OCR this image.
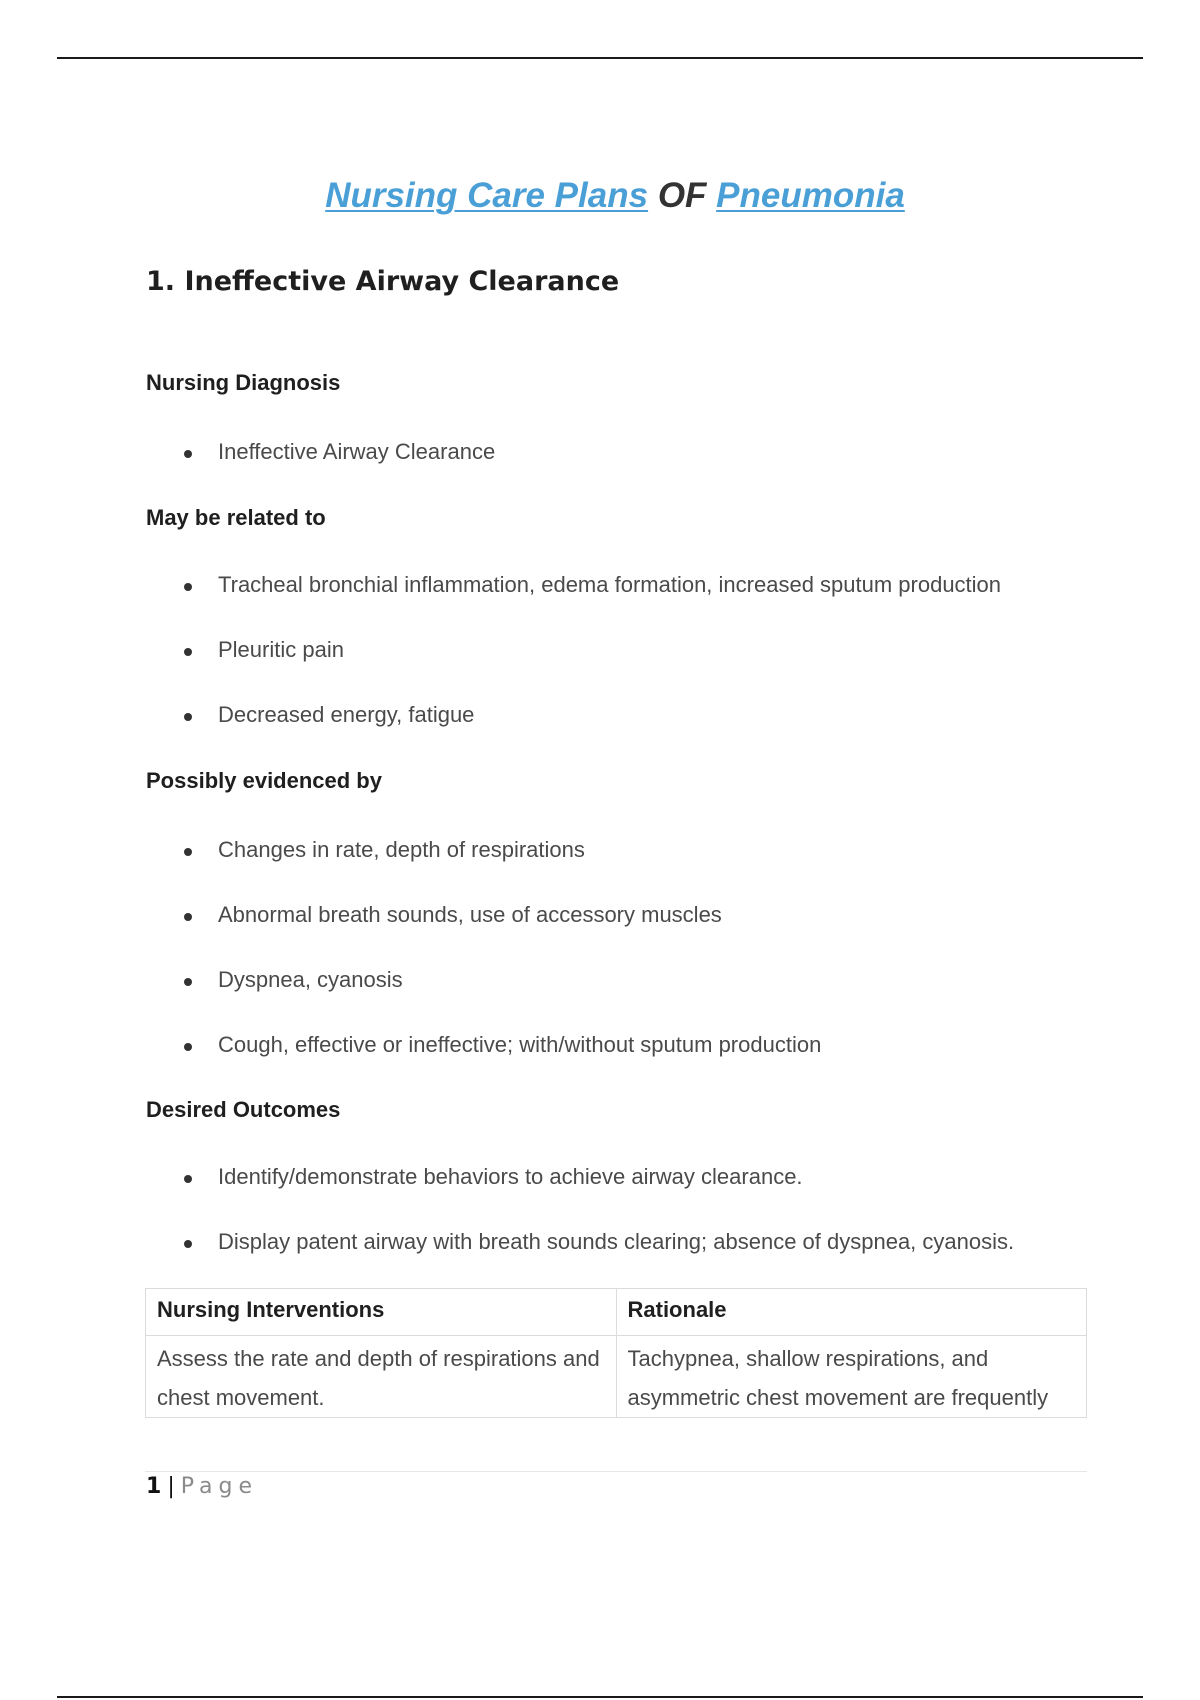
Nursing Care Plans OF Pneumonia
1. Ineffective Airway Clearance
Nursing Diagnosis
Ineffective Airway Clearance
May be related to
Tracheal bronchial inflammation, edema formation, increased sputum production
Pleuritic pain
Decreased energy, fatigue
Possibly evidenced by
Changes in rate, depth of respirations
Abnormal breath sounds, use of accessory muscles
Dyspnea, cyanosis
Cough, effective or ineffective; with/without sputum production
Desired Outcomes
Identify/demonstrate behaviors to achieve airway clearance.
Display patent airway with breath sounds clearing; absence of dyspnea, cyanosis.
Nursing Interventions	Rationale
Assess the rate and depth of respirations and chest movement.	Tachypnea, shallow respirations, and asymmetric chest movement are frequently
1 | Page
